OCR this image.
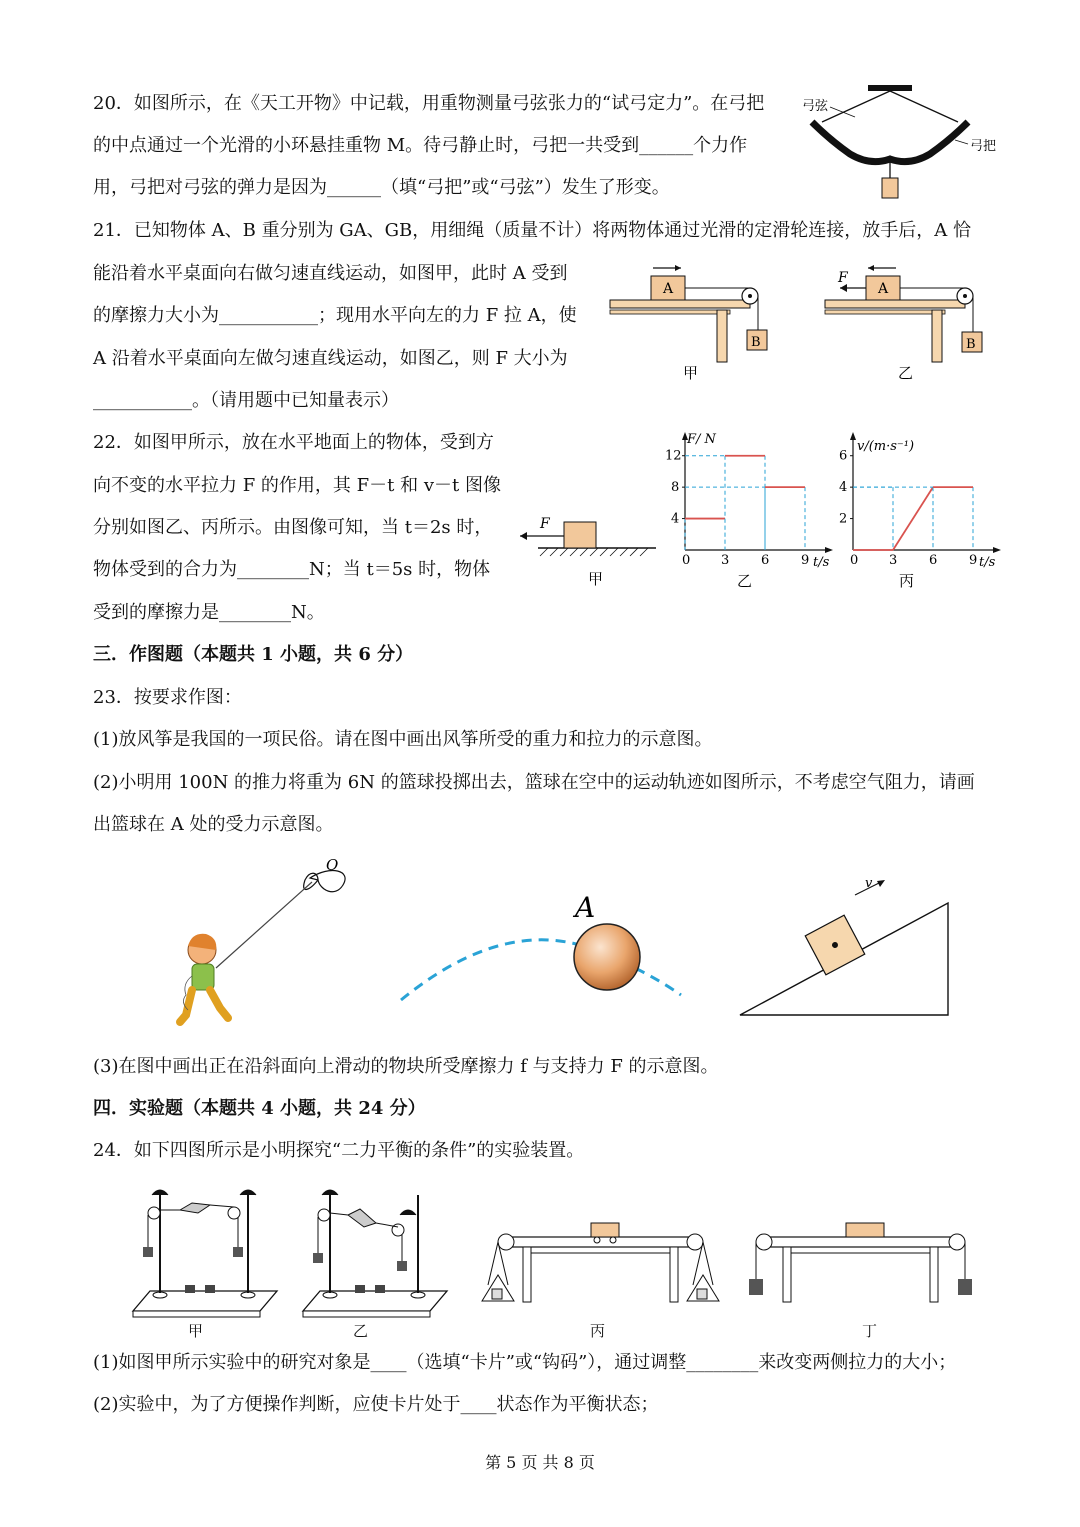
20．如图所示，在《天工开物》中记载，用重物测量弓弦张力的“试弓定力”。在弓把
的中点通过一个光滑的小环悬挂重物 M。待弓静止时，弓把一共受到______个力作
用，弓把对弓弦的弹力是因为______（填“弓把”或“弓弦”）发生了形变。
弓弦
弓把
21．已知物体 A、B 重分别为 GA、GB，用细绳（质量不计）将两物体通过光滑的定滑轮连接，放手后，A 恰
能沿着水平桌面向右做匀速直线运动，如图甲，此时 A 受到
的摩擦力大小为___________；现用水平向左的力 F 拉 A，使
A 沿着水平桌面向左做匀速直线运动，如图乙，则 F 大小为
___________。（请用题中已知量表示）
A
B
甲
A
F
B
乙
22．如图甲所示，放在水平地面上的物体，受到方
向不变的水平拉力 F 的作用，其 F－t 和 v－t 图像
分别如图乙、丙所示。由图像可知，当 t＝2s 时，
物体受到的合力为________N；当 t＝5s 时，物体
受到的摩擦力是________N。
F
甲
0 3 6 9
4
8
12
F/ N
t/s
乙
0 3 6 9
2
4
6
v/(m·s⁻¹)
t/s
丙
三．作图题（本题共 1 小题，共 6 分）
23．按要求作图：
(1)放风筝是我国的一项民俗。请在图中画出风筝所受的重力和拉力的示意图。
(2)小明用 100N 的推力将重为 6N 的篮球投掷出去，篮球在空中的运动轨迹如图所示，不考虑空气阻力，请画
出篮球在 A 处的受力示意图。
O
A
v
(3)在图中画出正在沿斜面向上滑动的物块所受摩擦力 f 与支持力 F 的示意图。
四．实验题（本题共 4 小题，共 24 分）
24．如下四图所示是小明探究“二力平衡的条件”的实验装置。
甲	乙	丙	丁
(1)如图甲所示实验中的研究对象是____（选填“卡片”或“钩码”），通过调整________来改变两侧拉力的大小；
(2)实验中，为了方便操作判断，应使卡片处于____状态作为平衡状态；
第 5 页 共 8 页
